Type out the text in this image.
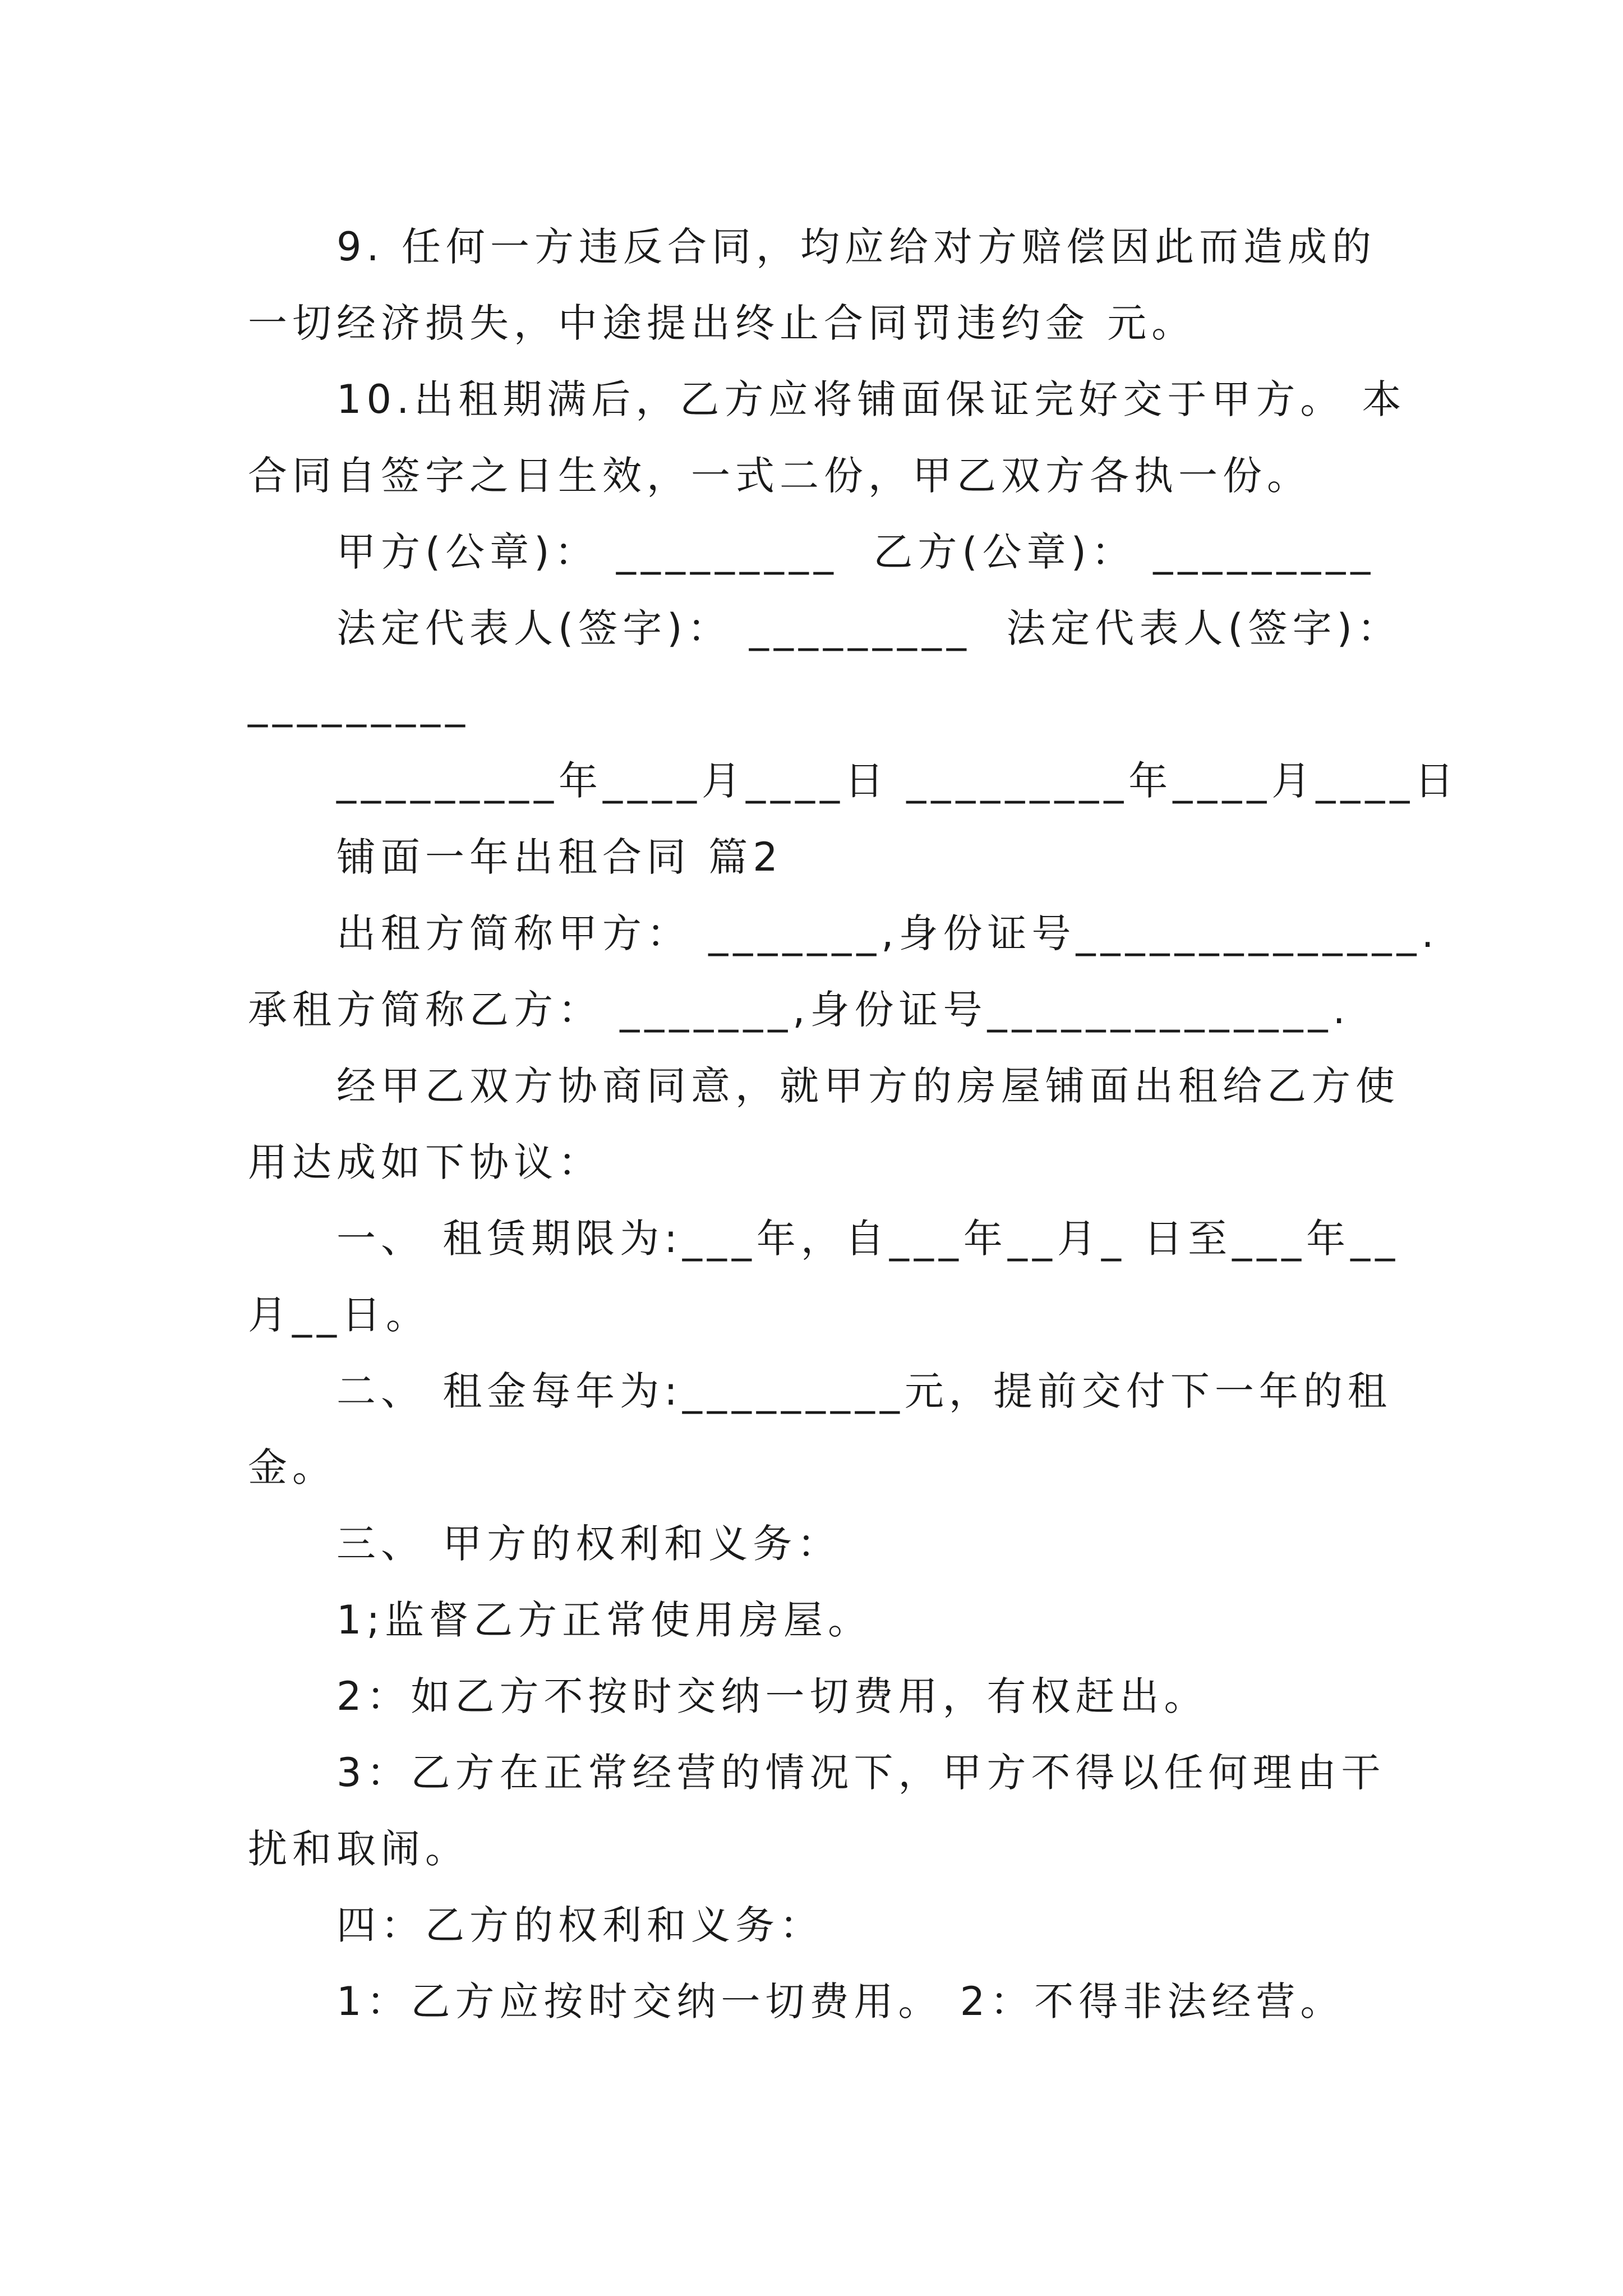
9. 任何一方违反合同，均应给对方赔偿因此而造成的
一切经济损失，中途提出终止合同罚违约金 元。
10.出租期满后，乙方应将铺面保证完好交于甲方。 本
合同自签字之日生效，一式二份，甲乙双方各执一份。
甲方(公章)： _________  乙方(公章)： _________
法定代表人(签字)： _________  法定代表人(签字)：
_________
_________年____月____日 _________年____月____日
铺面一年出租合同 篇2
出租方简称甲方： _______,身份证号______________.
承租方简称乙方： _______,身份证号______________.
经甲乙双方协商同意，就甲方的房屋铺面出租给乙方使
用达成如下协议：
一、 租赁期限为:___年，自___年__月_ 日至___年__
月__日。
二、 租金每年为:_________元，提前交付下一年的租
金。
三、 甲方的权利和义务：
1;监督乙方正常使用房屋。
2：如乙方不按时交纳一切费用，有权赶出。
3：乙方在正常经营的情况下，甲方不得以任何理由干
扰和取闹。
四：乙方的权利和义务：
1：乙方应按时交纳一切费用。 2：不得非法经营。
